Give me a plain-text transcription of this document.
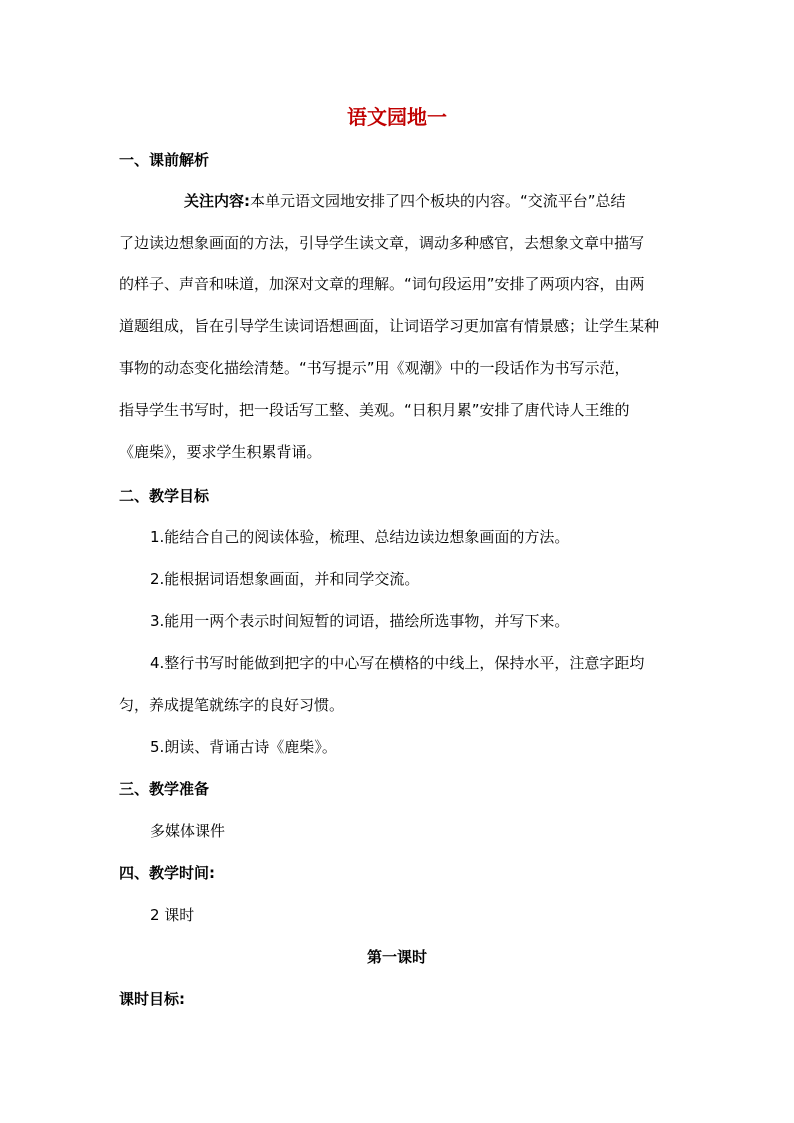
语文园地一
一、课前解析
关注内容:本单元语文园地安排了四个板块的内容。“交流平台”总结
了边读边想象画面的方法，引导学生读文章，调动多种感官，去想象文章中描写
的样子、声音和味道，加深对文章的理解。“词句段运用”安排了两项内容，由两
道题组成，旨在引导学生读词语想画面，让词语学习更加富有情景感；让学生某种
事物的动态变化描绘清楚。“书写提示”用《观潮》中的一段话作为书写示范，
指导学生书写时，把一段话写工整、美观。“日积月累”安排了唐代诗人王维的
《鹿柴》，要求学生积累背诵。
二、教学目标
1.能结合自己的阅读体验，梳理、总结边读边想象画面的方法。
2.能根据词语想象画面，并和同学交流。
3.能用一两个表示时间短暂的词语，描绘所选事物，并写下来。
4.整行书写时能做到把字的中心写在横格的中线上，保持水平，注意字距均
匀，养成提笔就练字的良好习惯。
5.朗读、背诵古诗《鹿柴》。
三、教学准备
多媒体课件
四、教学时间:
2 课时
第一课时
课时目标:
